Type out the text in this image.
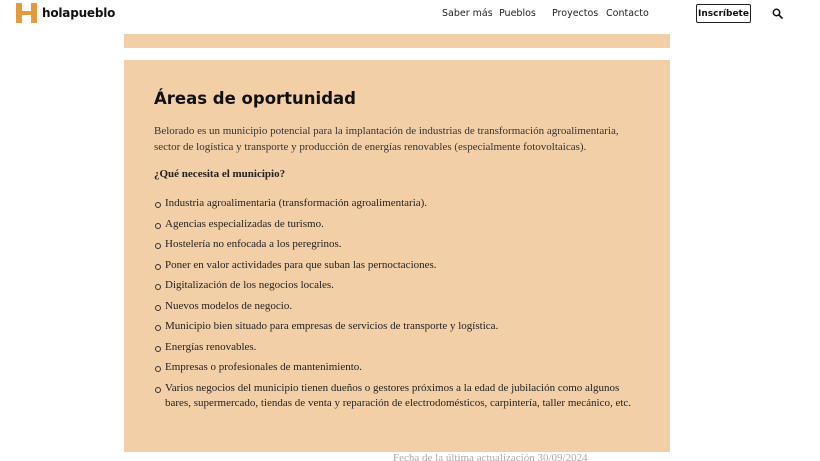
holapueblo	Saber más Pueblos Proyectos Contacto	Inscríbete
Áreas de oportunidad

Belorado es un municipio potencial para la implantación de industrias de transformación agroalimentaria, sector de logística y transporte y producción de energías renovables (especialmente fotovoltaicas).

¿Qué necesita el municipio?

Industria agroalimentaria (transformación agroalimentaria).
Agencias especializadas de turismo.
Hostelería no enfocada a los peregrinos.
Poner en valor actividades para que suban las pernoctaciones.
Digitalización de los negocios locales.
Nuevos modelos de negocio.
Municipio bien situado para empresas de servicios de transporte y logística.
Energías renovables.
Empresas o profesionales de mantenimiento.
Varios negocios del municipio tienen dueños o gestores próximos a la edad de jubilación como algunos bares, supermercado, tiendas de venta y reparación de electrodomésticos, carpintería, taller mecánico, etc.
Fecha de la última actualización 30/09/2024
